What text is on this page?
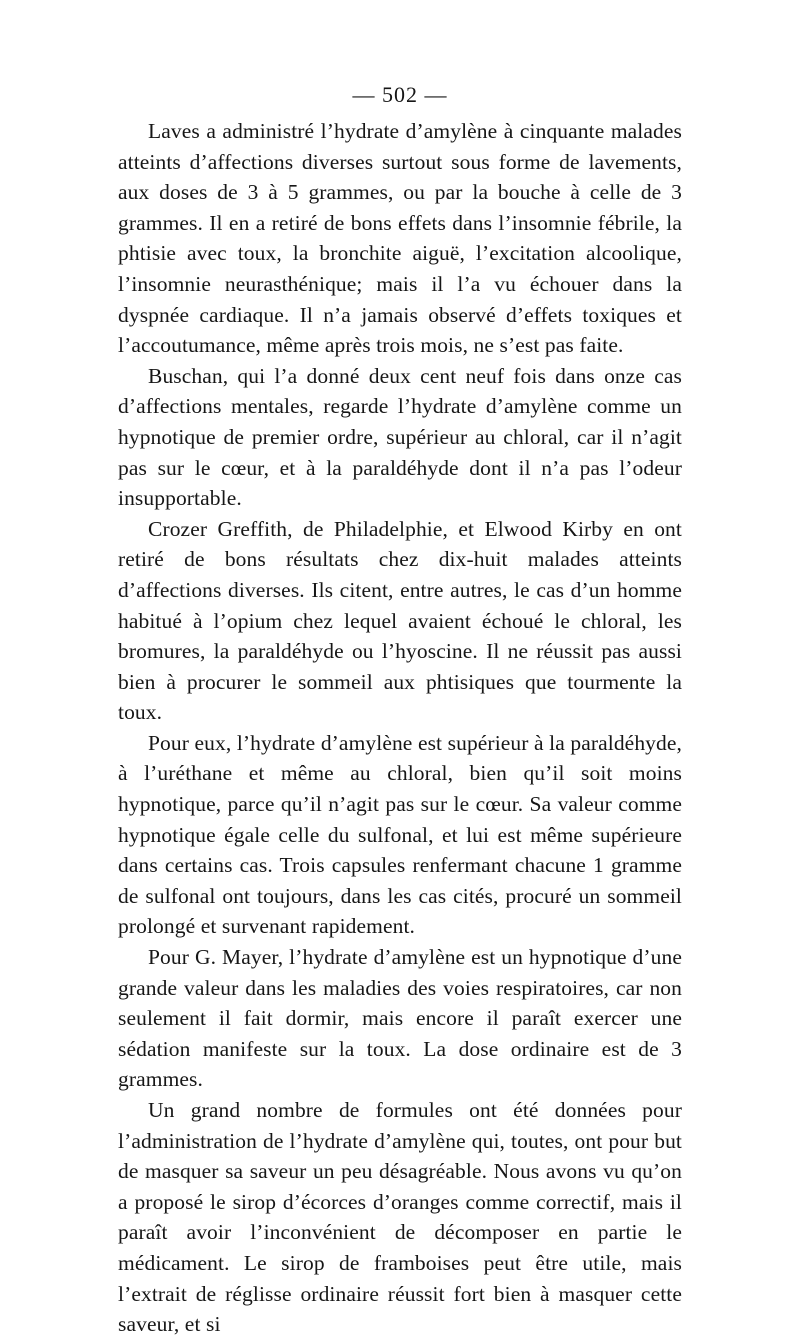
— 502 —

Laves a administré l’hydrate d’amylène à cinquante malades atteints d’affections diverses surtout sous forme de lavements, aux doses de 3 à 5 grammes, ou par la bouche à celle de 3 grammes. Il en a retiré de bons effets dans l’insomnie fébrile, la phtisie avec toux, la bronchite aiguë, l’excitation alcoolique, l’insomnie neurasthénique; mais il l’a vu échouer dans la dyspnée cardiaque. Il n’a jamais observé d’effets toxiques et l’accoutumance, même après trois mois, ne s’est pas faite.

Buschan, qui l’a donné deux cent neuf fois dans onze cas d’affections mentales, regarde l’hydrate d’amylène comme un hypnotique de premier ordre, supérieur au chloral, car il n’agit pas sur le cœur, et à la paraldéhyde dont il n’a pas l’odeur insupportable.

Crozer Greffith, de Philadelphie, et Elwood Kirby en ont retiré de bons résultats chez dix-huit malades atteints d’affections diverses. Ils citent, entre autres, le cas d’un homme habitué à l’opium chez lequel avaient échoué le chloral, les bromures, la paraldéhyde ou l’hyoscine. Il ne réussit pas aussi bien à procurer le sommeil aux phtisiques que tourmente la toux.

Pour eux, l’hydrate d’amylène est supérieur à la paraldéhyde, à l’uréthane et même au chloral, bien qu’il soit moins hypnotique, parce qu’il n’agit pas sur le cœur. Sa valeur comme hypnotique égale celle du sulfonal, et lui est même supérieure dans certains cas. Trois capsules renfermant chacune 1 gramme de sulfonal ont toujours, dans les cas cités, procuré un sommeil prolongé et survenant rapidement.

Pour G. Mayer, l’hydrate d’amylène est un hypnotique d’une grande valeur dans les maladies des voies respiratoires, car non seulement il fait dormir, mais encore il paraît exercer une sédation manifeste sur la toux. La dose ordinaire est de 3 grammes.

Un grand nombre de formules ont été données pour l’administration de l’hydrate d’amylène qui, toutes, ont pour but de masquer sa saveur un peu désagréable. Nous avons vu qu’on a proposé le sirop d’écorces d’oranges comme correctif, mais il paraît avoir l’inconvénient de décomposer en partie le médicament. Le sirop de framboises peut être utile, mais l’extrait de réglisse ordinaire réussit fort bien à masquer cette saveur, et si
